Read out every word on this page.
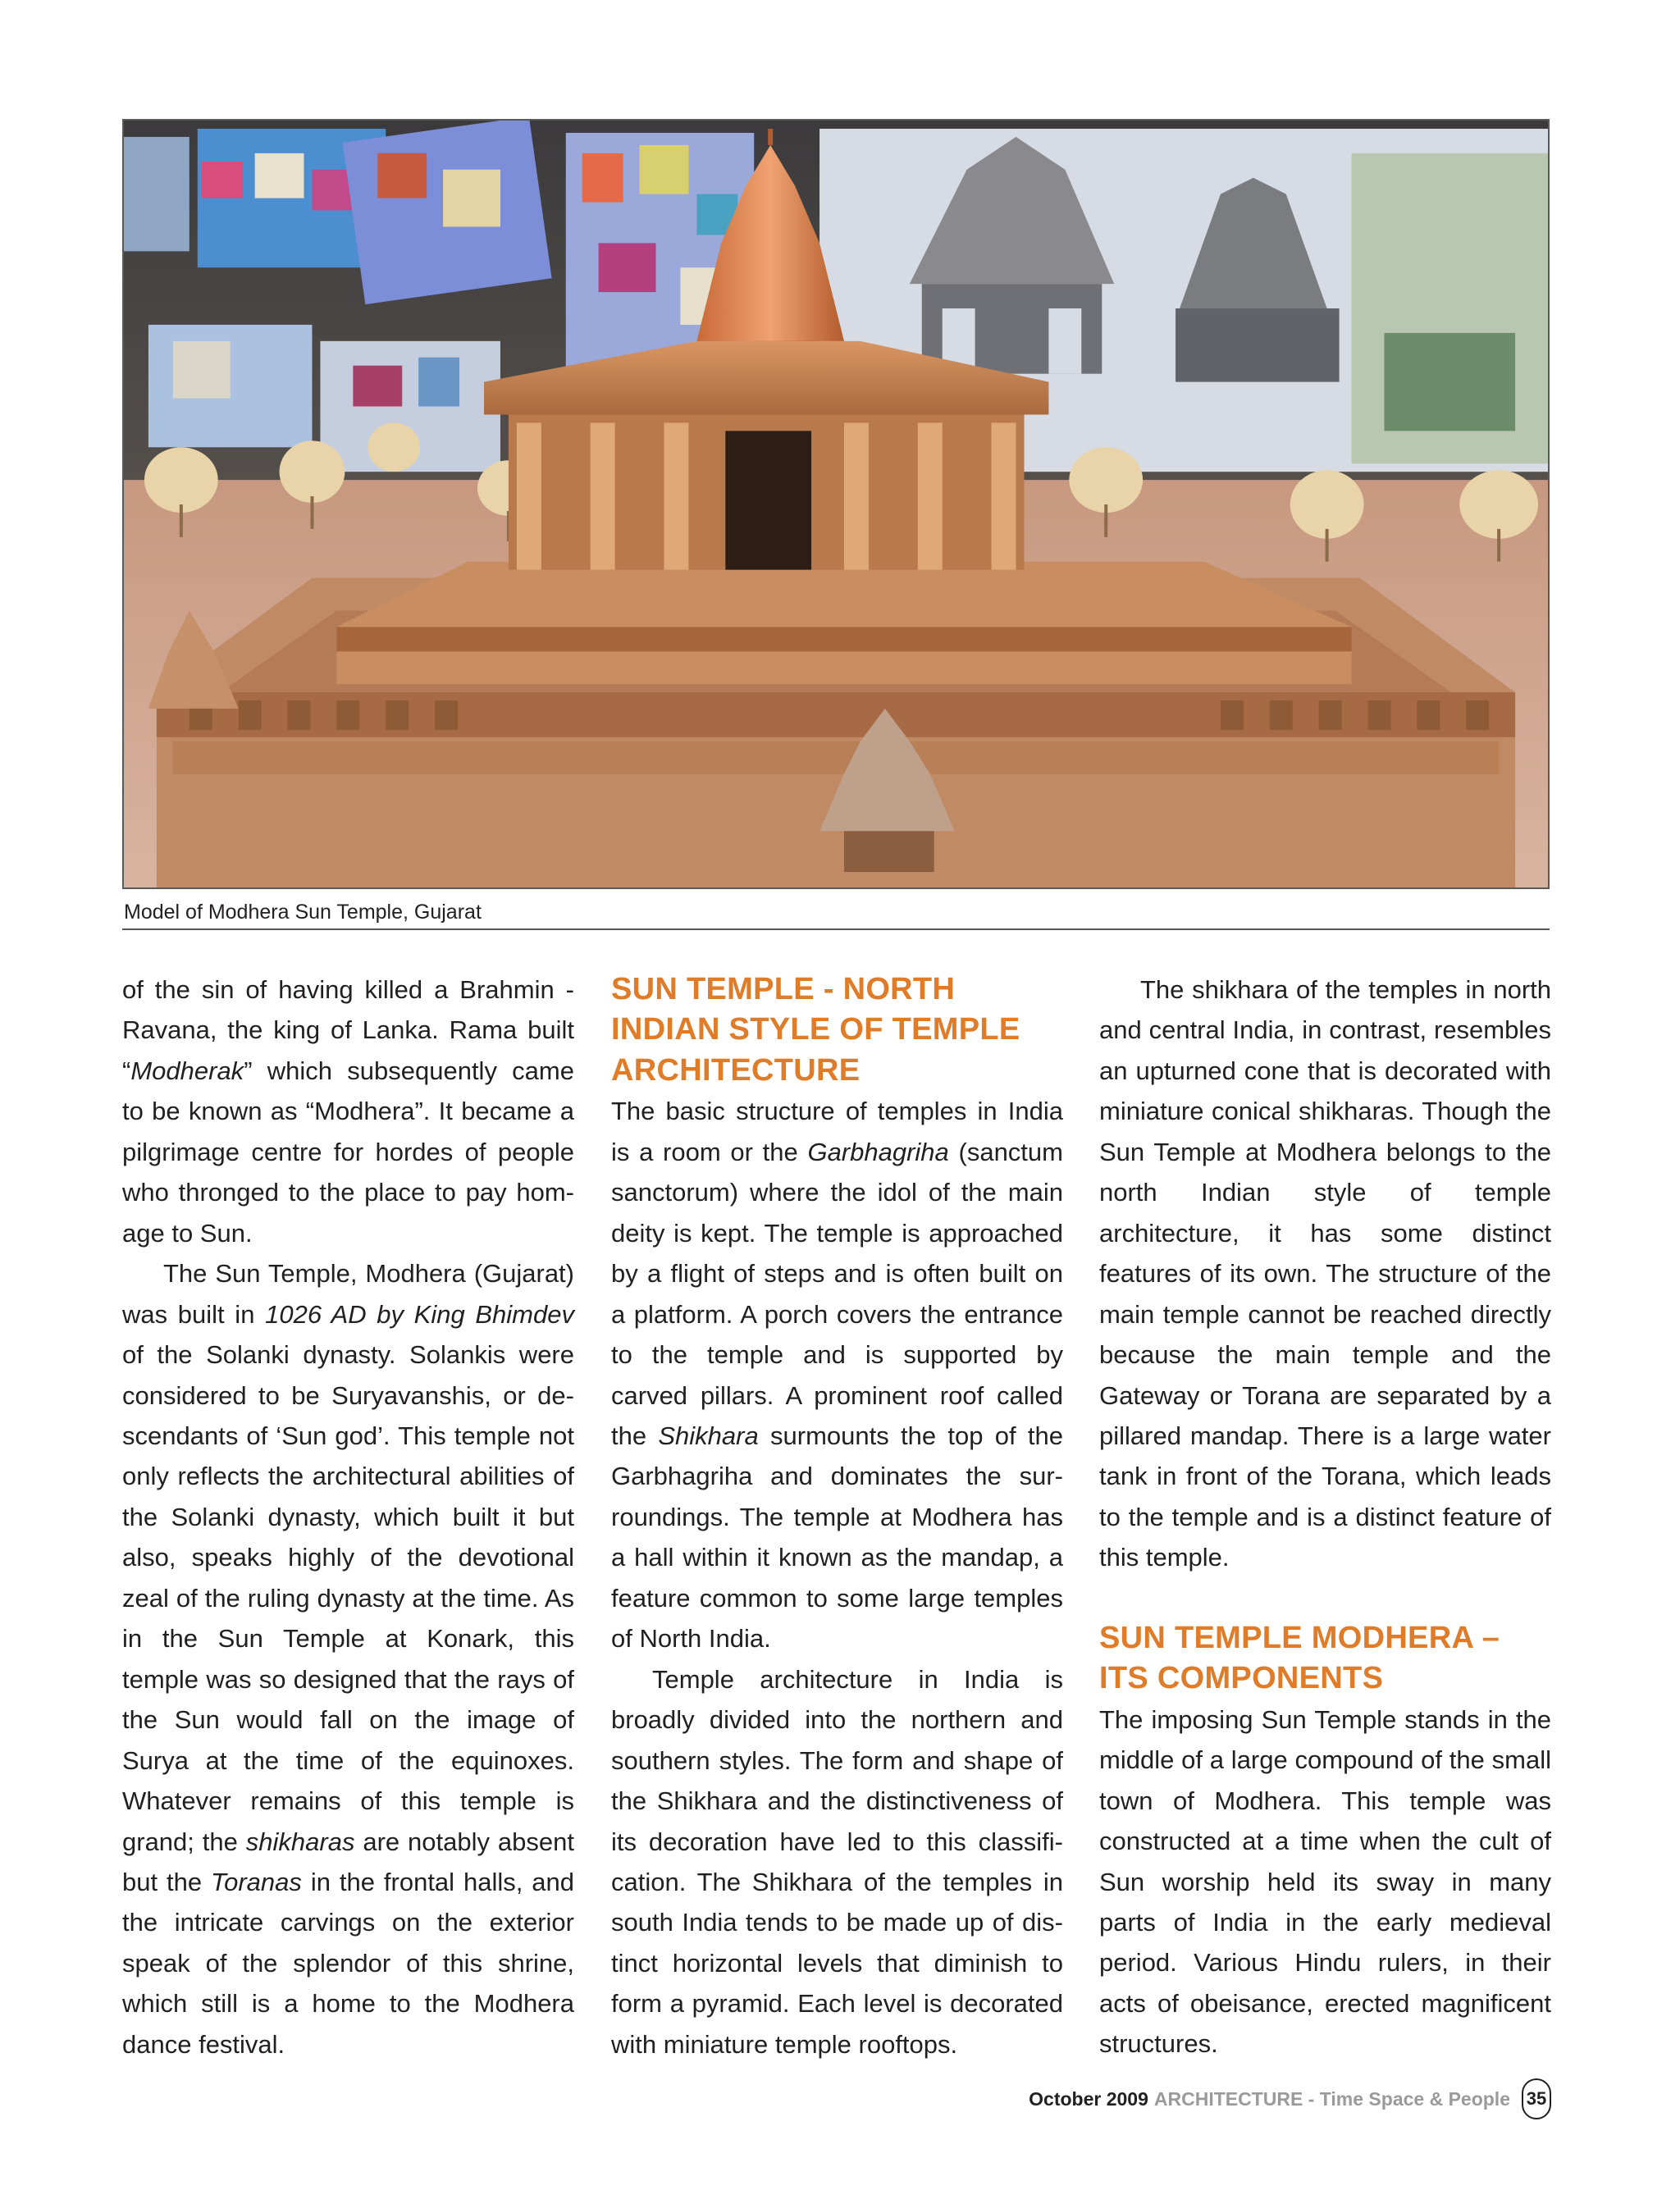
Model of Modhera Sun Temple, Gujarat

of the sin of having killed a Brahmin - Ravana, the king of Lanka. Rama built “Modherak” which subsequently came to be known as “Modhera”. It became a pilgrimage centre for hordes of people who thronged to the place to pay homage to Sun.

The Sun Temple, Modhera (Gujarat) was built in 1026 AD by King Bhimdev of the Solanki dynasty. Solankis were considered to be Suryavanshis, or descendants of ‘Sun god’. This temple not only reflects the architectural abilities of the Solanki dynasty, which built it but also, speaks highly of the devotional zeal of the ruling dynasty at the time. As in the Sun Temple at Konark, this temple was so designed that the rays of the Sun would fall on the image of Surya at the time of the equinoxes. Whatever remains of this temple is grand; the shikharas are notably absent but the Toranas in the frontal halls, and the intricate carvings on the exterior speak of the splendor of this shrine, which still is a home to the Modhera dance festival.

SUN TEMPLE - NORTH INDIAN STYLE OF TEMPLE ARCHITECTURE

The basic structure of temples in India is a room or the Garbhagriha (sanctum sanctorum) where the idol of the main deity is kept. The temple is approached by a flight of steps and is often built on a platform. A porch covers the entrance to the temple and is supported by carved pillars. A prominent roof called the Shikhara surmounts the top of the Garbhagriha and dominates the surroundings. The temple at Modhera has a hall within it known as the mandap, a feature common to some large temples of North India.

Temple architecture in India is broadly divided into the northern and southern styles. The form and shape of the Shikhara and the distinctiveness of its decoration have led to this classification. The Shikhara of the temples in south India tends to be made up of distinct horizontal levels that diminish to form a pyramid. Each level is decorated with miniature temple rooftops.

The shikhara of the temples in north and central India, in contrast, resembles an upturned cone that is decorated with miniature conical shikharas. Though the Sun Temple at Modhera belongs to the north Indian style of temple architecture, it has some distinct features of its own. The structure of the main temple cannot be reached directly because the main temple and the Gateway or Torana are separated by a pillared mandap. There is a large water tank in front of the Torana, which leads to the temple and is a distinct feature of this temple.

SUN TEMPLE MODHERA – ITS COMPONENTS

The imposing Sun Temple stands in the middle of a large compound of the small town of Modhera. This temple was constructed at a time when the cult of Sun worship held its sway in many parts of India in the early medieval period. Various Hindu rulers, in their acts of obeisance, erected magnificent structures.

October 2009 ARCHITECTURE - Time Space & People 35
